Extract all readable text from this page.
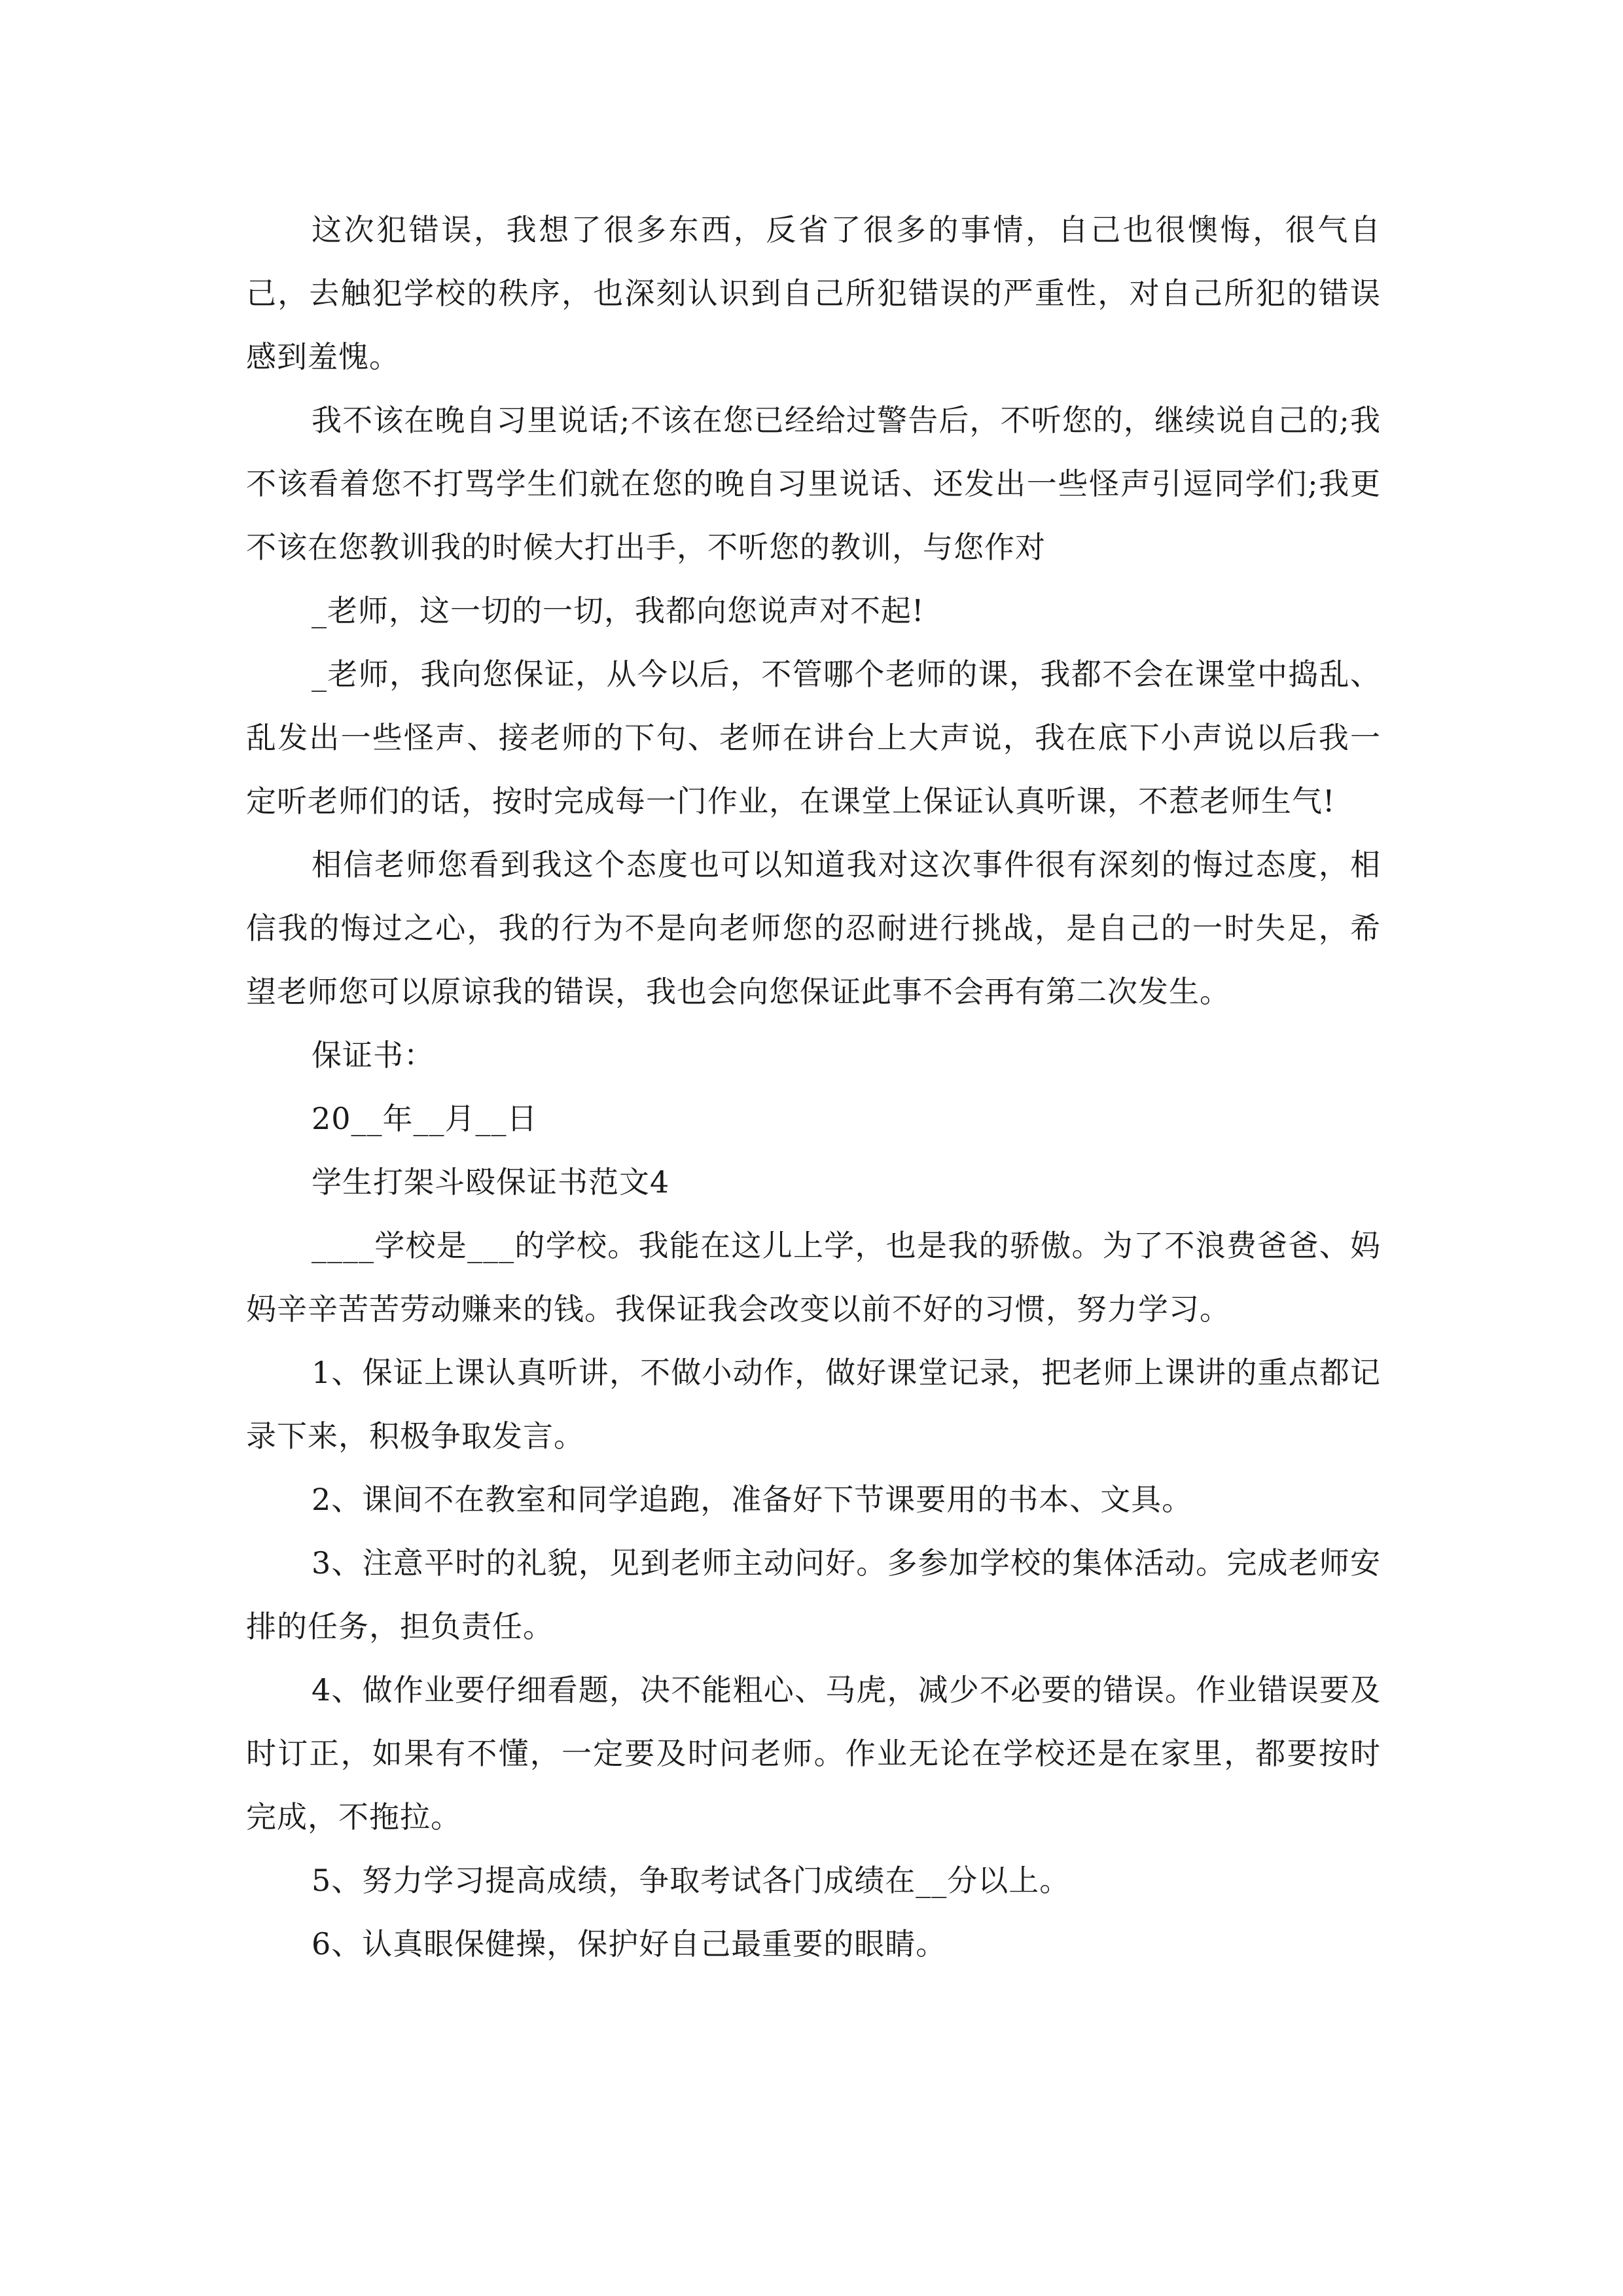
这次犯错误，我想了很多东西，反省了很多的事情，自己也很懊悔，很气自己，去触犯学校的秩序，也深刻认识到自己所犯错误的严重性，对自己所犯的错误感到羞愧。

我不该在晚自习里说话;不该在您已经给过警告后，不听您的，继续说自己的;我不该看着您不打骂学生们就在您的晚自习里说话、还发出一些怪声引逗同学们;我更不该在您教训我的时候大打出手，不听您的教训，与您作对

_老师，这一切的一切，我都向您说声对不起!

_老师，我向您保证，从今以后，不管哪个老师的课，我都不会在课堂中捣乱、乱发出一些怪声、接老师的下句、老师在讲台上大声说，我在底下小声说以后我一定听老师们的话，按时完成每一门作业，在课堂上保证认真听课，不惹老师生气!

相信老师您看到我这个态度也可以知道我对这次事件很有深刻的悔过态度，相信我的悔过之心，我的行为不是向老师您的忍耐进行挑战，是自己的一时失足，希望老师您可以原谅我的错误，我也会向您保证此事不会再有第二次发生。

保证书：

20__年__月__日

学生打架斗殴保证书范文4

____学校是___的学校。我能在这儿上学，也是我的骄傲。为了不浪费爸爸、妈妈辛辛苦苦劳动赚来的钱。我保证我会改变以前不好的习惯，努力学习。

1、保证上课认真听讲，不做小动作，做好课堂记录，把老师上课讲的重点都记录下来，积极争取发言。

2、课间不在教室和同学追跑，准备好下节课要用的书本、文具。

3、注意平时的礼貌，见到老师主动问好。多参加学校的集体活动。完成老师安排的任务，担负责任。

4、做作业要仔细看题，决不能粗心、马虎，减少不必要的错误。作业错误要及时订正，如果有不懂，一定要及时问老师。作业无论在学校还是在家里，都要按时完成，不拖拉。

5、努力学习提高成绩，争取考试各门成绩在__分以上。

6、认真眼保健操，保护好自己最重要的眼睛。
